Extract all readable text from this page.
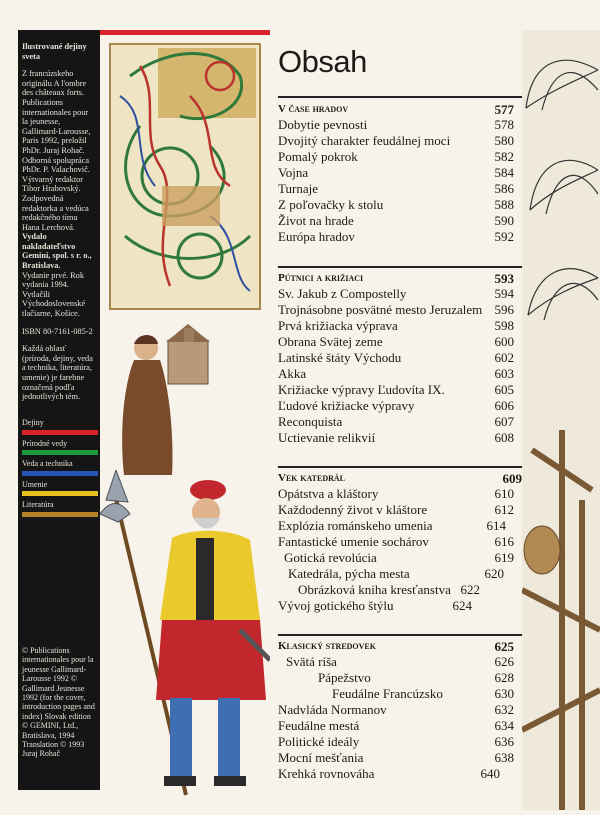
Ilustrované dejiny sveta

Z francúzskeho originálu A l'ombre des châteaux forts. Publications internationales pour la jeunesse, Gallimard-Larousse, Paris 1992, preložil PhDr. Juraj Rohač. Odborná spolupráca PhDr. P. Valachovič. Výtvarný redaktor Tibor Hrabovský. Zodpovedná redaktorka a vedúca redakčného tímu Hana Lerchová.

Vydalo nakladateľstvo Gemini, spol. s r. o., Bratislava.

Vydanie prvé. Rok vydania 1994. Vytlačili Východoslovenské tlačiarne, Košice.

ISBN 80-7161-085-2

Každá oblasť (príroda, dejiny, veda a technika, literatúra, umenie) je farebne označená podľa jednotlivých tém.

Dejiny
Prírodné vedy
Veda a technika
Umenie
Literatúra
© Publications internationales pour la jeunesse Gallimard-Larousse 1992 © Gallimard Jeunesse 1992 (for the cover, introduction pages and index) Slovak edition © GEMINI, Ltd., Bratislava, 1994 Translation © 1993 Juraj Rohač
Obsah
V čase hradov	577
Dobytie pevnosti	578
Dvojitý charakter feudálnej moci	580
Pomalý pokrok	582
Vojna	584
Turnaje	586
Z poľovačky k stolu	588
Život na hrade	590
Európa hradov	592
Pútnici a križiaci	593
Sv. Jakub z Compostelly	594
Trojnásobne posvätné mesto Jeruzalem 596
Prvá križiacka výprava	598
Obrana Svätej zeme	600
Latinské štáty Východu	602
Akka	603
Križiacke výpravy Ľudovíta IX.	605
Ľudové križiacke výpravy	606
Reconquista	607
Uctievanie relikvií	608
Vek katedrál	609
Opátstva a kláštory	610
Každodenný život v kláštore	612
Explózia románskeho umenia	614
Fantastické umenie sochárov	616
Gotická revolúcia	619
Katedrála, pýcha mesta	620
Obrázková kniha kresťanstva 622
Vývoj gotického štýlu	624
Klasický stredovek	625
Svätá ríša	626
Pápežstvo	628
Feudálne Francúzsko	630
Nadvláda Normanov	632
Feudálne mestá	634
Politické ideály	636
Mocní mešťania	638
Krehká rovnováha	640
